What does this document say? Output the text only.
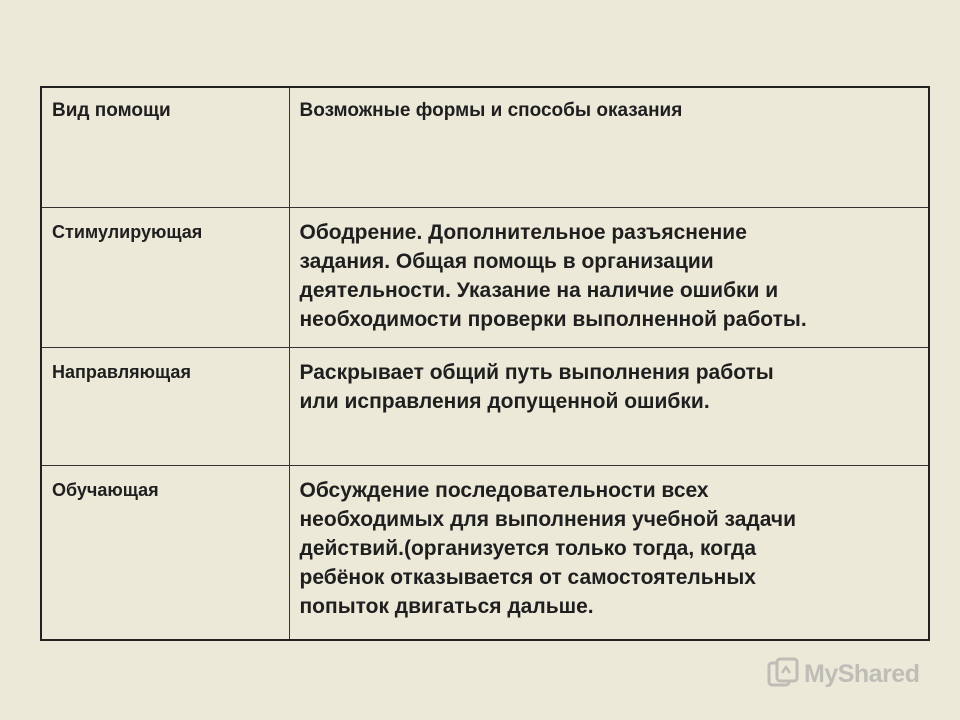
Вид помощи	Возможные формы и способы оказания
Стимулирующая	Ободрение. Дополнительное разъяснение
задания. Общая помощь в организации
деятельности. Указание на наличие ошибки и
необходимости проверки выполненной работы.

Направляющая	Раскрывает общий путь выполнения работы
или исправления допущенной ошибки.

Обучающая	Обсуждение последовательности всех
необходимых для выполнения учебной задачи
действий.(организуется только тогда, когда
ребёнок отказывается от самостоятельных
попыток двигаться дальше.
MyShared
